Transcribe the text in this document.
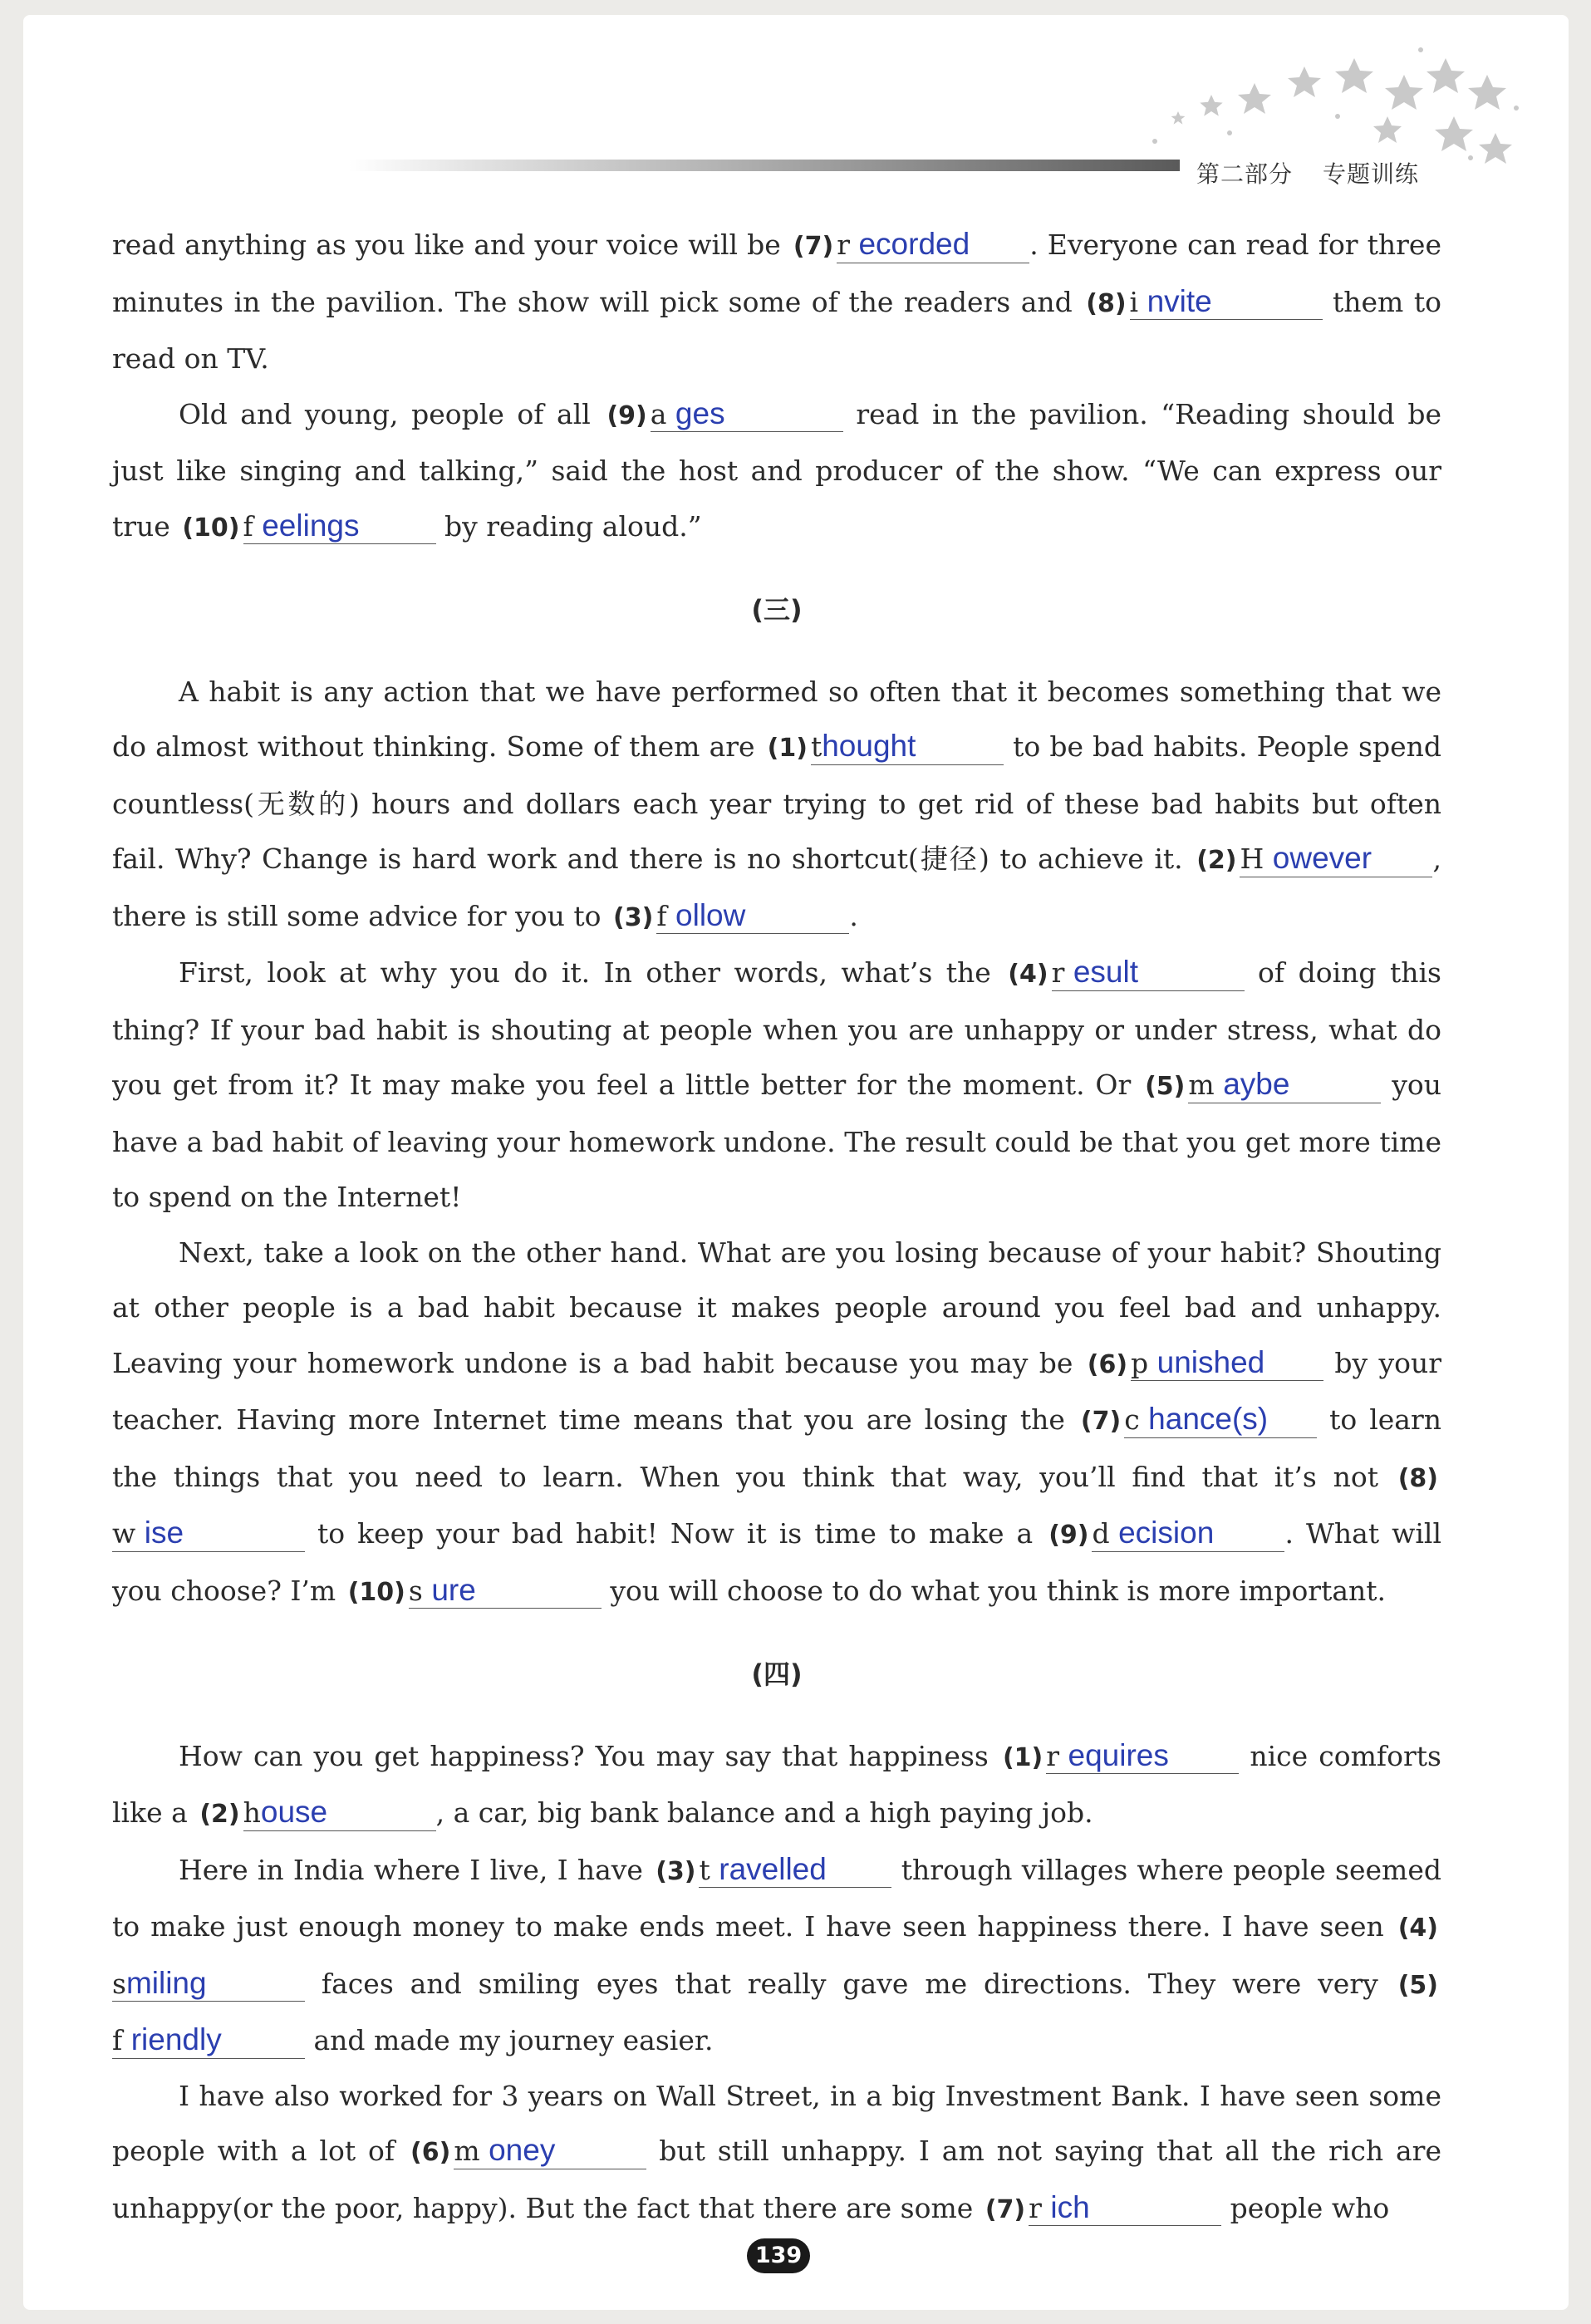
第二部分 专题训练

read anything as you like and your voice will be (7) r ecorded . Everyone can read for three minutes in the pavilion. The show will pick some of the readers and (8) i nvite	them to read on TV.

Old and young, people of all (9) a ges	read in the pavilion. “Reading should be just like singing and talking,” said the host and producer of the show. “We can express our true (10) f eelings	by reading aloud.”

(三)

A habit is any action that we have performed so often that it becomes something that we do almost without thinking. Some of them are (1) thought	to be bad habits. People spend countless(无数的) hours and dollars each year trying to get rid of these bad habits but often fail. Why? Change is hard work and there is no shortcut(捷径) to achieve it. (2) H owever , there is still some advice for you to (3) f ollow	.

First, look at why you do it. In other words, what’s the (4) r esult	of doing this thing? If your bad habit is shouting at people when you are unhappy or under stress, what do you get from it? It may make you feel a little better for the moment. Or (5) m aybe	you have a bad habit of leaving your homework undone. The result could be that you get more time to spend on the Internet!

Next, take a look on the other hand. What are you losing because of your habit? Shouting at other people is a bad habit because it makes people around you feel bad and unhappy. Leaving your homework undone is a bad habit because you may be (6) p unished	by your teacher. Having more Internet time means that you are losing the (7) c hance(s) to learn the things that you need to learn. When you think that way, you’ll find that it’s not (8)w ise	to keep your bad habit! Now it is time to make a (9) d ecision	. What will you choose? I’m (10) s ure	you will choose to do what you think is more important.

(四)

How can you get happiness? You may say that happiness (1) r equires	nice comforts like a (2) house	, a car, big bank balance and a high paying job.

Here in India where I live, I have (3) t ravelled	through villages where people seemed to make just enough money to make ends meet. I have seen happiness there. I have seen (4)smiling	faces and smiling eyes that really gave me directions. They were very (5)f riendly	and made my journey easier.

I have also worked for 3 years on Wall Street, in a big Investment Bank. I have seen some people with a lot of (6) m oney	but still unhappy. I am not saying that all the rich are unhappy(or the poor, happy). But the fact that there are some (7) r ich	people who

139
